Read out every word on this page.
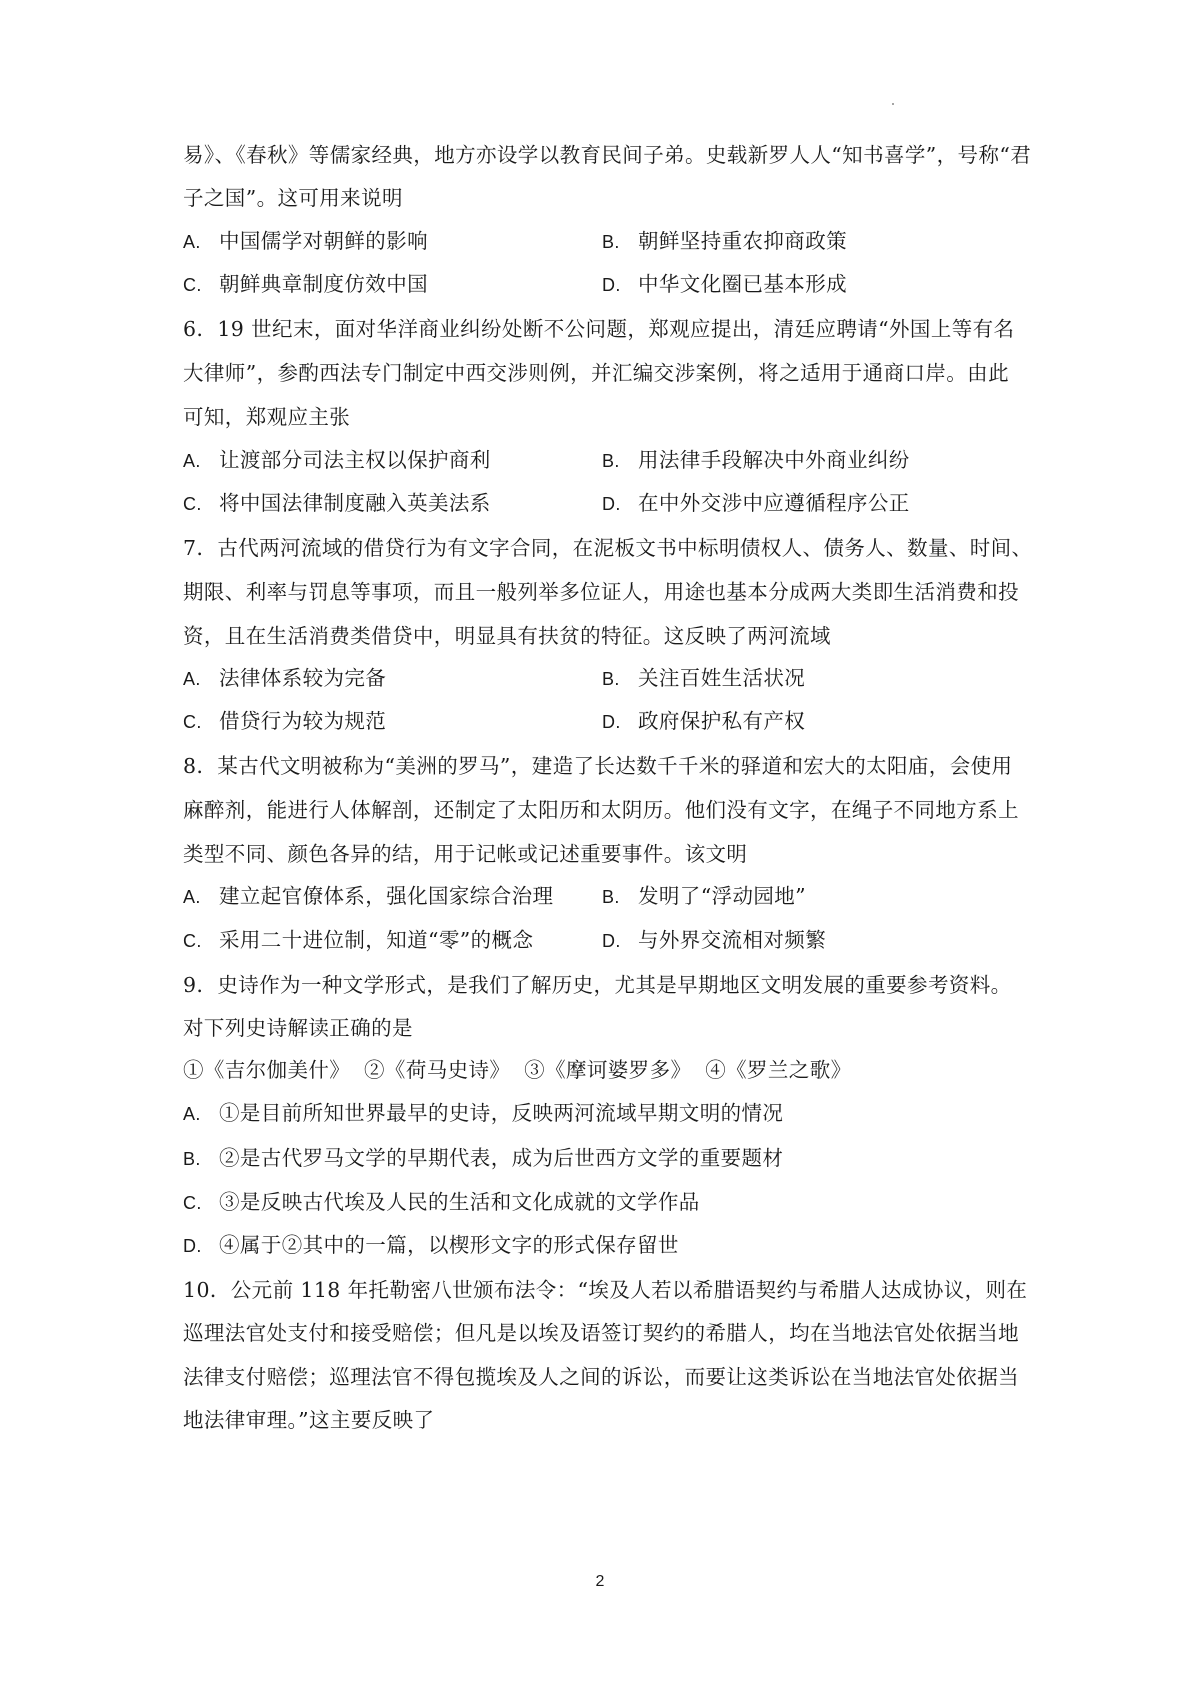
易》、《春秋》等儒家经典，地方亦设学以教育民间子弟。史载新罗人人“知书喜学”，号称“君
子之国”。这可用来说明
A. 中国儒学对朝鲜的影响	B. 朝鲜坚持重农抑商政策
C. 朝鲜典章制度仿效中国	D. 中华文化圈已基本形成
6．19 世纪末，面对华洋商业纠纷处断不公问题，郑观应提出，清廷应聘请“外国上等有名
大律师”，参酌西法专门制定中西交涉则例，并汇编交涉案例，将之适用于通商口岸。由此
可知，郑观应主张
A. 让渡部分司法主权以保护商利	B. 用法律手段解决中外商业纠纷
C. 将中国法律制度融入英美法系	D. 在中外交涉中应遵循程序公正
7．古代两河流域的借贷行为有文字合同，在泥板文书中标明债权人、债务人、数量、时间、
期限、利率与罚息等事项，而且一般列举多位证人，用途也基本分成两大类即生活消费和投
资，且在生活消费类借贷中，明显具有扶贫的特征。这反映了两河流域
A. 法律体系较为完备	B. 关注百姓生活状况
C. 借贷行为较为规范	D. 政府保护私有产权
8．某古代文明被称为“美洲的罗马”，建造了长达数千千米的驿道和宏大的太阳庙，会使用
麻醉剂，能进行人体解剖，还制定了太阳历和太阴历。他们没有文字，在绳子不同地方系上
类型不同、颜色各异的结，用于记帐或记述重要事件。该文明
A. 建立起官僚体系，强化国家综合治理	B. 发明了“浮动园地”
C. 采用二十进位制，知道“零”的概念	D. 与外界交流相对频繁
9．史诗作为一种文学形式，是我们了解历史，尤其是早期地区文明发展的重要参考资料。
对下列史诗解读正确的是
①《吉尔伽美什》  ②《荷马史诗》  ③《摩诃婆罗多》  ④《罗兰之歌》
A. ①是目前所知世界最早的史诗，反映两河流域早期文明的情况
B. ②是古代罗马文学的早期代表，成为后世西方文学的重要题材
C. ③是反映古代埃及人民的生活和文化成就的文学作品
D. ④属于②其中的一篇，以楔形文字的形式保存留世
10．公元前 118 年托勒密八世颁布法令：“埃及人若以希腊语契约与希腊人达成协议，则在
巡理法官处支付和接受赔偿；但凡是以埃及语签订契约的希腊人，均在当地法官处依据当地
法律支付赔偿；巡理法官不得包揽埃及人之间的诉讼，而要让这类诉讼在当地法官处依据当
地法律审理。”这主要反映了
2
